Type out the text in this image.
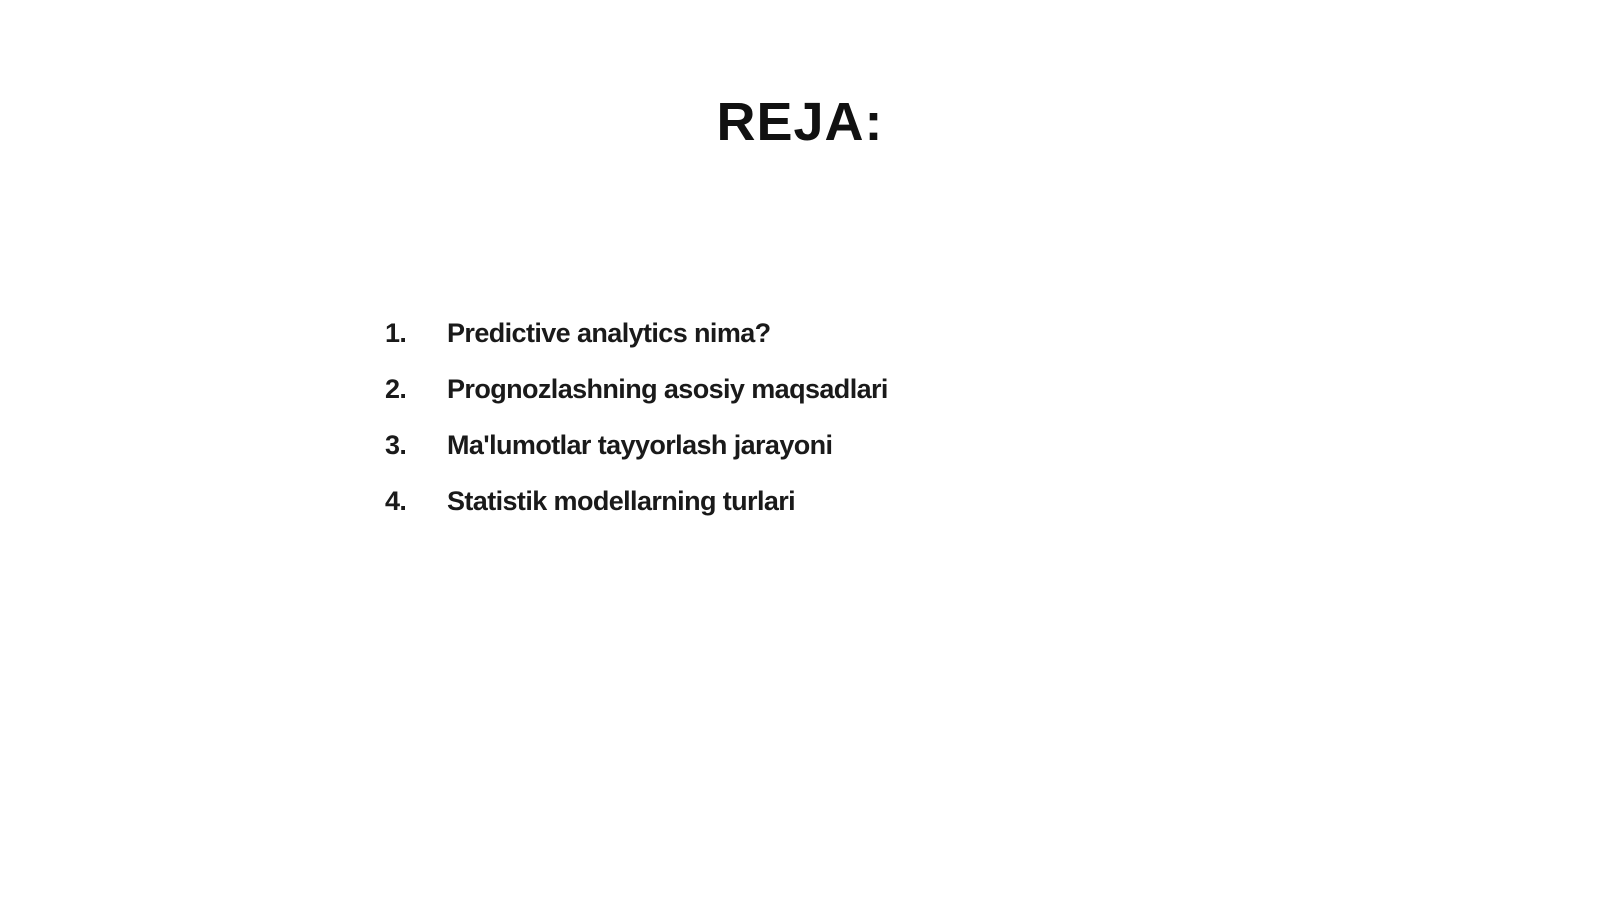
REJA:
1.	Predictive analytics nima?
2.	Prognozlashning asosiy maqsadlari
3.	Ma'lumotlar tayyorlash jarayoni
4.	Statistik modellarning turlari
